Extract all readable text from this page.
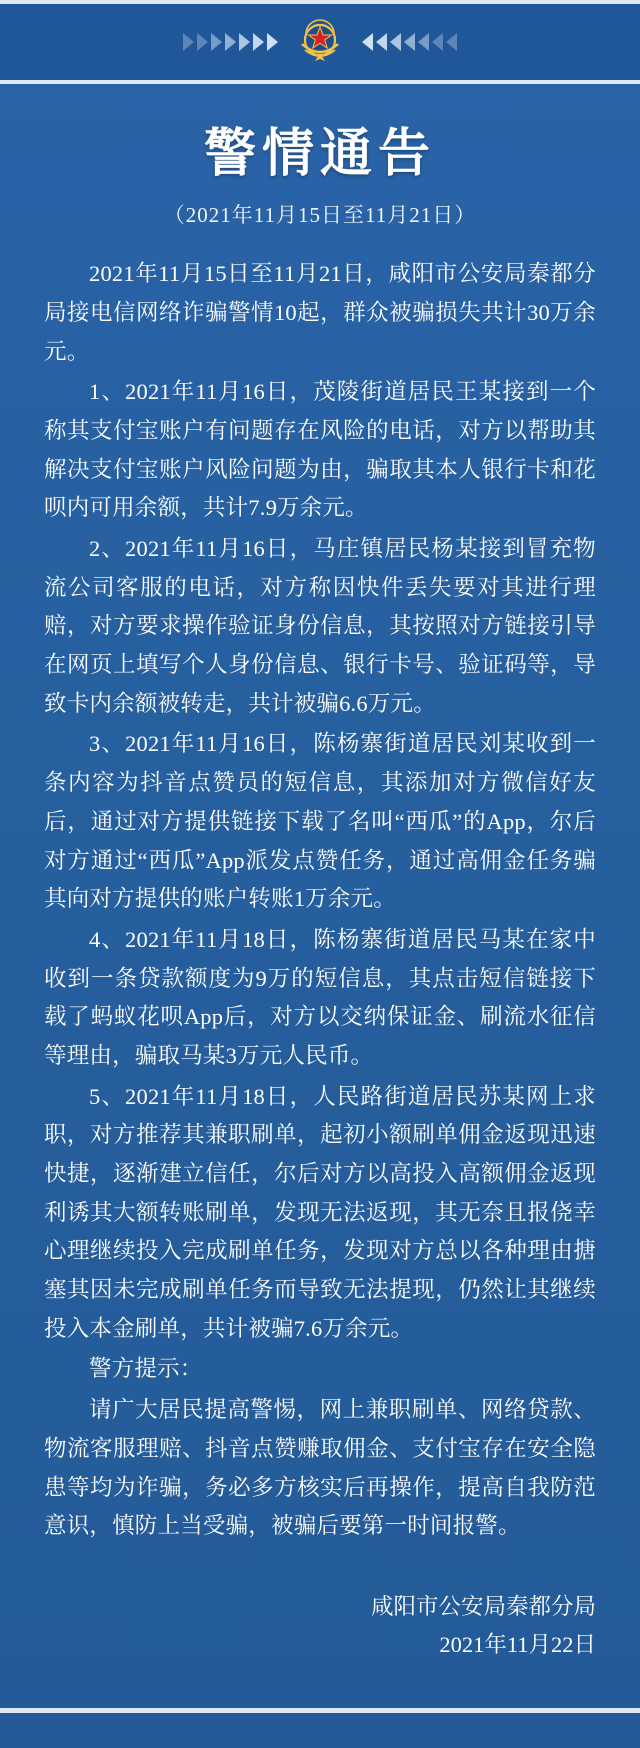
警情通告
（2021年11月15日至11月21日）

2021年11月15日至11月21日，咸阳市公安局秦都分局接电信网络诈骗警情10起，群众被骗损失共计30万余元。

1、2021年11月16日，茂陵街道居民王某接到一个称其支付宝账户有问题存在风险的电话，对方以帮助其解决支付宝账户风险问题为由，骗取其本人银行卡和花呗内可用余额，共计7.9万余元。

2、2021年11月16日，马庄镇居民杨某接到冒充物流公司客服的电话，对方称因快件丢失要对其进行理赔，对方要求操作验证身份信息，其按照对方链接引导在网页上填写个人身份信息、银行卡号、验证码等，导致卡内余额被转走，共计被骗6.6万元。

3、2021年11月16日，陈杨寨街道居民刘某收到一条内容为抖音点赞员的短信息，其添加对方微信好友后，通过对方提供链接下载了名叫“西瓜”的App，尔后对方通过“西瓜”App派发点赞任务，通过高佣金任务骗其向对方提供的账户转账1万余元。

4、2021年11月18日，陈杨寨街道居民马某在家中收到一条贷款额度为9万的短信息，其点击短信链接下载了蚂蚁花呗App后，对方以交纳保证金、刷流水征信等理由，骗取马某3万元人民币。

5、2021年11月18日，人民路街道居民苏某网上求职，对方推荐其兼职刷单，起初小额刷单佣金返现迅速快捷，逐渐建立信任，尔后对方以高投入高额佣金返现利诱其大额转账刷单，发现无法返现，其无奈且报侥幸心理继续投入完成刷单任务，发现对方总以各种理由搪塞其因未完成刷单任务而导致无法提现，仍然让其继续投入本金刷单，共计被骗7.6万余元。

警方提示：

请广大居民提高警惕，网上兼职刷单、网络贷款、物流客服理赔、抖音点赞赚取佣金、支付宝存在安全隐患等均为诈骗，务必多方核实后再操作，提高自我防范意识，慎防上当受骗，被骗后要第一时间报警。

咸阳市公安局秦都分局
2021年11月22日
